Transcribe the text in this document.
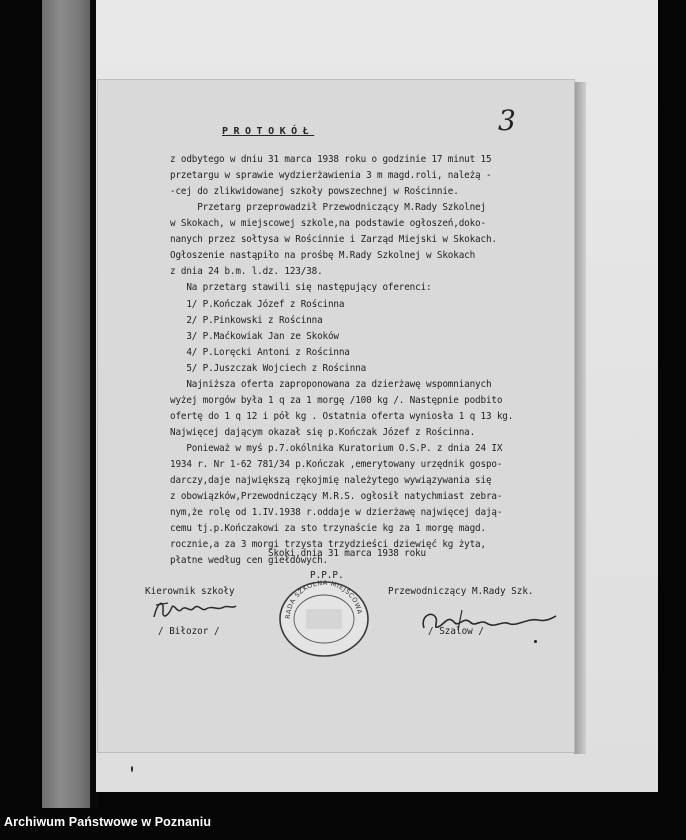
3
PROTOKÓŁ
z odbytego w dniu 31 marca 1938 roku o godzinie 17 minut 15
przetargu w sprawie wydzierżawienia 3 m magd.roli, należą -
-cej do zlikwidowanej szkoły powszechnej w Rościnnie.
Przetarg przeprowadził Przewodniczący M.Rady Szkolnej
w Skokach, w miejscowej szkole,na podstawie ogłoszeń,doko-
nanych przez sołtysa w Rościnnie i Zarząd Miejski w Skokach.
Ogłoszenie nastąpiło na prośbę M.Rady Szkolnej w Skokach
z dnia 24 b.m. l.dz. 123/38.
Na przetarg stawili się następujący oferenci:
1/ P.Kończak Józef z Rościnna
2/ P.Pinkowski z Rościnna
3/ P.Maćkowiak Jan ze Skoków
4/ P.Loręcki Antoni z Rościnna
5/ P.Juszczak Wojciech z Rościnna
Najniższa oferta zaproponowana za dzierżawę wspomnianych
wyżej morgów była 1 q za 1 morgę /100 kg /. Następnie podbito
ofertę do 1 q 12 i pół kg . Ostatnia oferta wyniosła 1 q 13 kg.
Najwięcej dającym okazał się p.Kończak Józef z Rościnna.
Ponieważ w myś p.7.okólnika Kuratorium O.S.P. z dnia 24 IX
1934 r. Nr 1-62 781/34 p.Kończak ,emerytowany urzędnik gospo-
darczy,daje największą rękojmię należytego wywiązywania się
z obowiązków,Przewodniczący M.R.S. ogłosił natychmiast zebra-
nym,że rolę od 1.IV.1938 r.oddaje w dzierżawę najwięcej dają-
cemu tj.p.Kończakowi za sto trzynaście kg za 1 morgę magd.
rocznie,a za 3 morgi trzysta trzydzieści dziewięć kg żyta,
płatne według cen giełdowych.
Skoki,dnia 31 marca 1938 roku
P.P.P.
Kierownik szkoły	Przewodniczący M.Rady Szk.
/ Biłozor /	/ Szalow /
RADA SZKOLNA MIEJSCOWA
Archiwum Państwowe w Poznaniu
